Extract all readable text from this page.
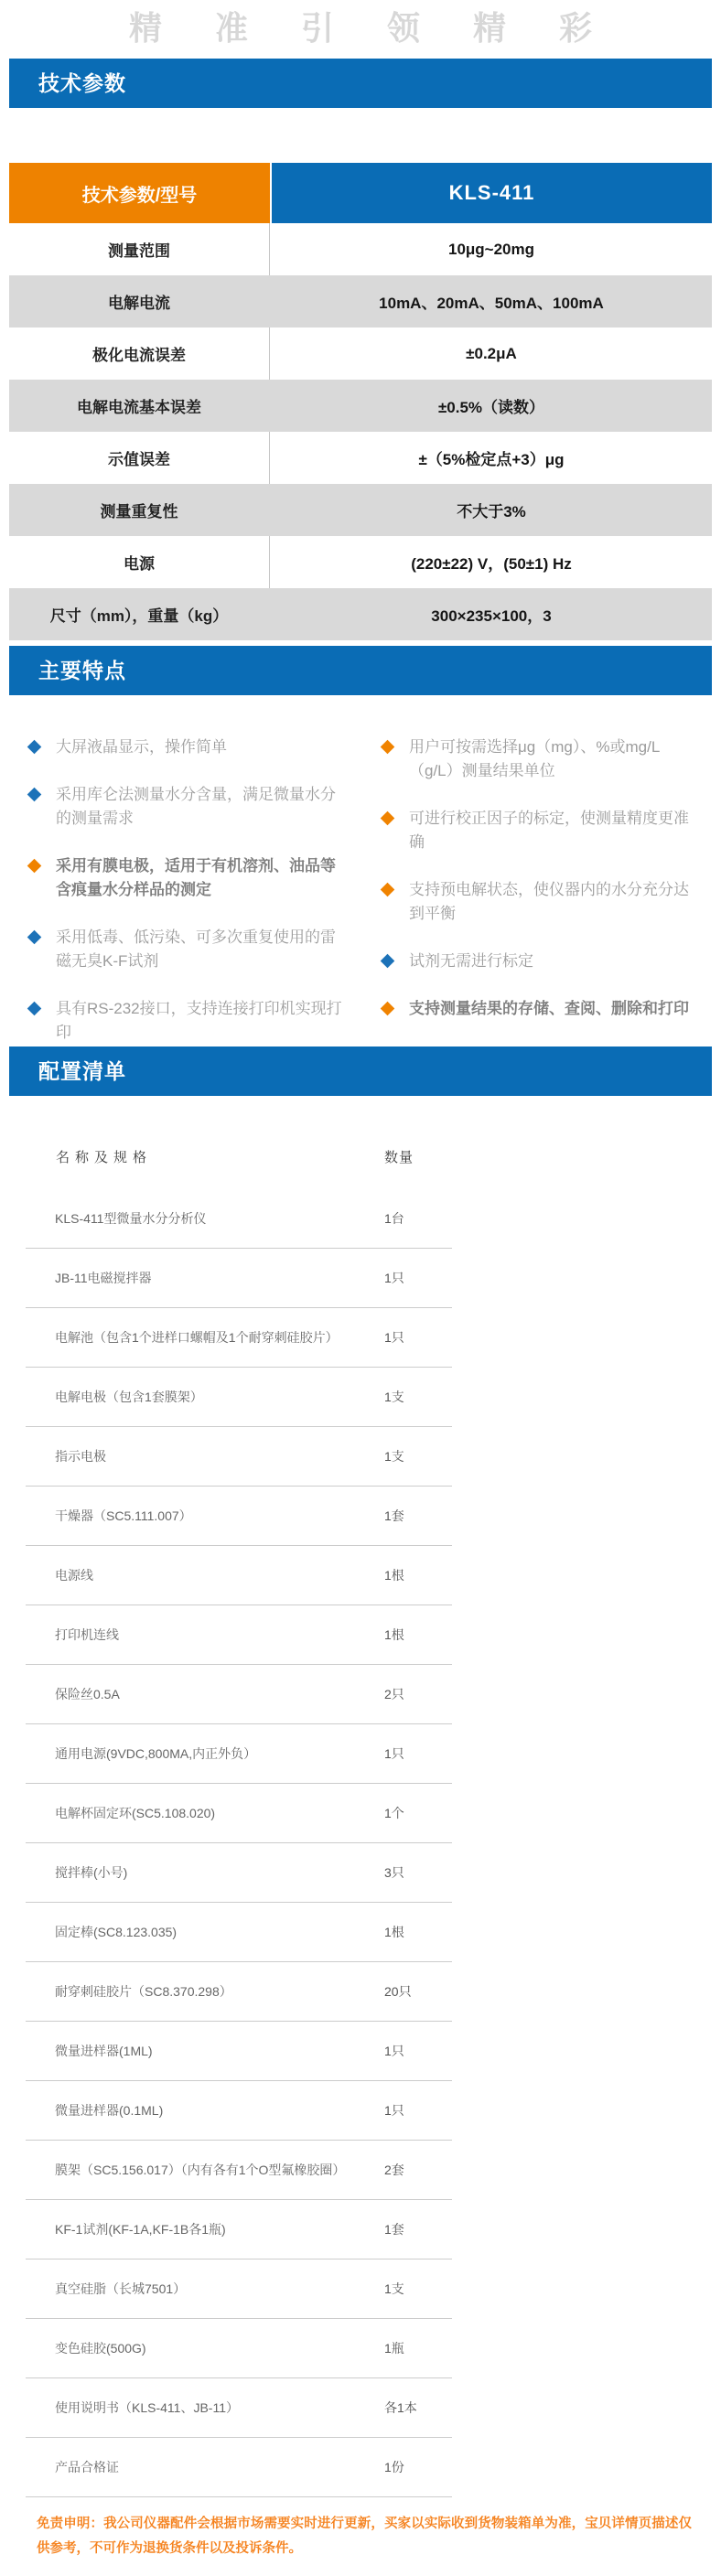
精准引领精彩
技术参数
技术参数/型号	KLS-411
测量范围	10μg~20mg
电解电流	10mA、20mA、50mA、100mA
极化电流误差	±0.2μA
电解电流基本误差	±0.5%（读数）
示值误差	±（5%检定点+3）μg
测量重复性	不大于3%
电源	(220±22) V，(50±1) Hz
尺寸（mm），重量（kg）	300×235×100，3
主要特点
大屏液晶显示，操作简单
采用库仑法测量水分含量，满足微量水分的测量需求
采用有膜电极，适用于有机溶剂、油品等含痕量水分样品的测定
采用低毒、低污染、可多次重复使用的雷磁无臭K-F试剂
具有RS-232接口，支持连接打印机实现打印
用户可按需选择μg（mg）、%或mg/L（g/L）测量结果单位
可进行校正因子的标定，使测量精度更准确
支持预电解状态，使仪器内的水分充分达到平衡
试剂无需进行标定
支持测量结果的存储、查阅、删除和打印
配置清单
名称及规格	数量
KLS-411型微量水分分析仪	1台
JB-11电磁搅拌器	1只
电解池（包含1个进样口螺帽及1个耐穿刺硅胶片）	1只
电解电极（包含1套膜架）	1支
指示电极	1支
干燥器（SC5.111.007）	1套
电源线	1根
打印机连线	1根
保险丝0.5A	2只
通用电源(9VDC,800MA,内正外负）	1只
电解杯固定环(SC5.108.020)	1个
搅拌棒(小号)	3只
固定棒(SC8.123.035)	1根
耐穿刺硅胶片（SC8.370.298）	20只
微量进样器(1ML)	1只
微量进样器(0.1ML)	1只
膜架（SC5.156.017）（内有各有1个O型氟橡胶圈）	2套
KF-1试剂(KF-1A,KF-1B各1瓶)	1套
真空硅脂（长城7501）	1支
变色硅胶(500G)	1瓶
使用说明书（KLS-411、JB-11）	各1本
产品合格证	1份
免责申明：我公司仪器配件会根据市场需要实时进行更新，买家以实际收到货物装箱单为准，宝贝详情页描述仅供参考，不可作为退换货条件以及投诉条件。
